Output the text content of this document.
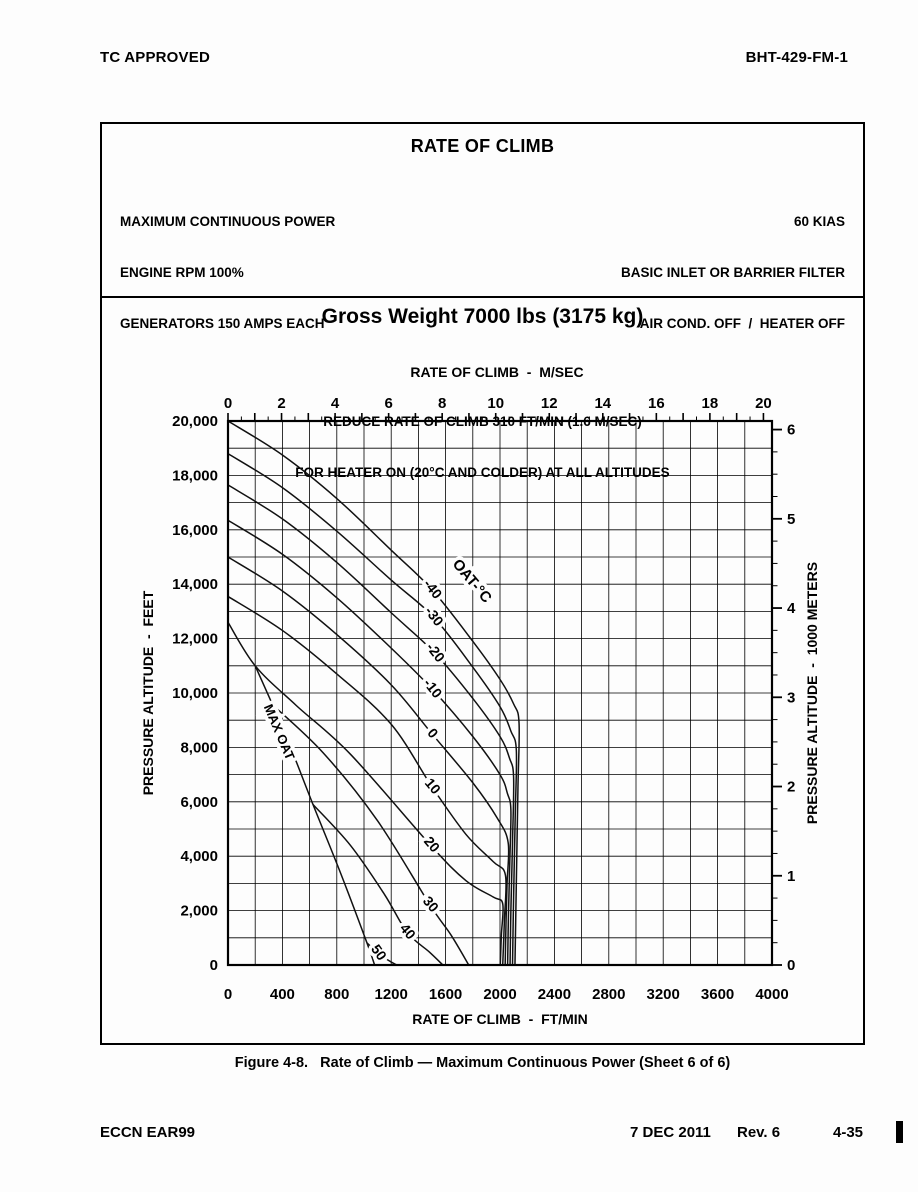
TC APPROVED	BHT-429-FM-1
RATE OF CLIMB

MAXIMUM CONTINUOUS POWER

ENGINE RPM 100%

GENERATORS 150 AMPS EACH

60 KIAS

BASIC INLET OR BARRIER FILTER

AIR COND. OFF  /  HEATER OFF

REDUCE RATE OF CLIMB 310 FT/MIN (1.6 M/SEC)

FOR HEATER ON (20°C AND COLDER) AT ALL ALTITUDES

Gross Weight 7000 lbs (3175 kg)
RATE OF CLIMB  -  M/SEC
RATE OF CLIMB  -  FT/MIN
PRESSURE ALTITUDE  -  FEET	PRESSURE ALTITUDE  -  1000 METERS
OAT-°C
-40
-30
-20
-10
0
10
20
30
40
50
MAX OAT
0	2	4	6	8	10 12 14 16 18 20
0	400 800 1200 1600 2000 2400 2800 3200 3600 4000
20,000
18,000
16,000
14,000
12,000
10,000
8,000
6,000
4,000
2,000
0	0
1
2
3
4
5
6
Figure 4-8.   Rate of Climb — Maximum Continuous Power (Sheet 6 of 6)
ECCN EAR99	7 DEC 2011 Rev. 6	4-35
